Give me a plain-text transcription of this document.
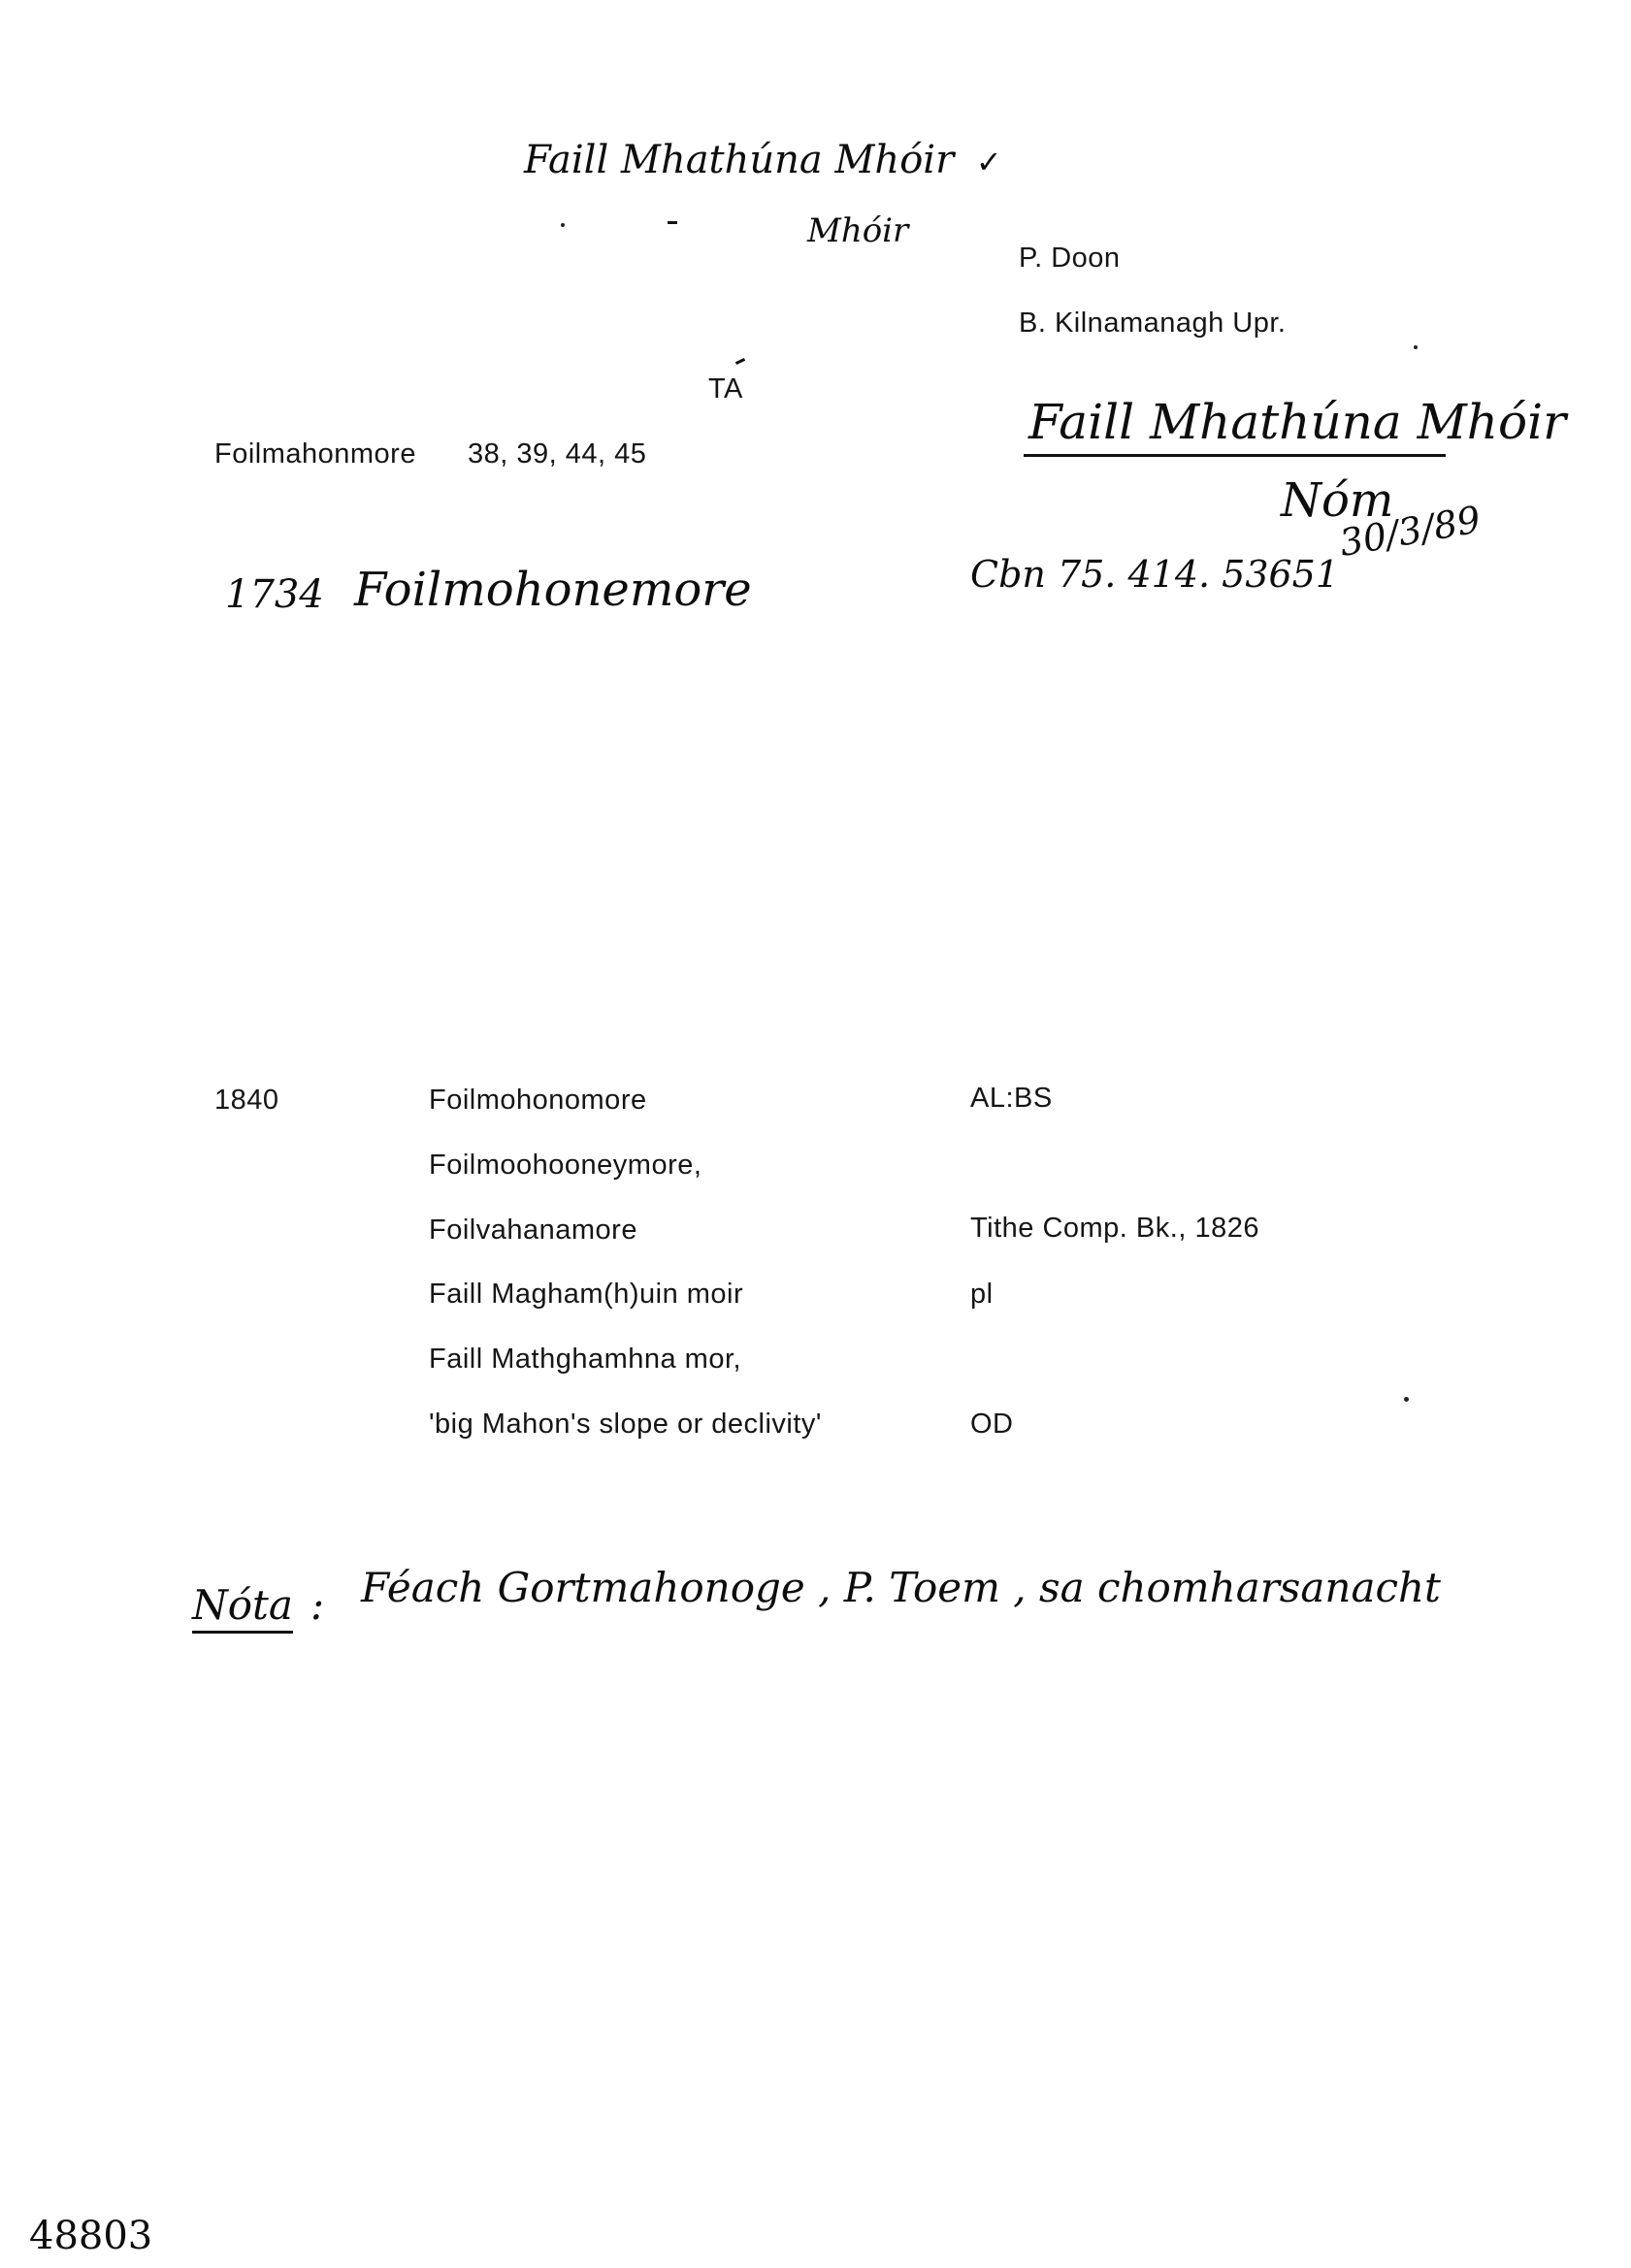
Faill Mhathúna Mhóir ✓
Mhóir
P. Doon
B. Kilnamanagh Upr.
TA
Foilmahonmore 38, 39, 44, 45
Faill Mhathúna Mhóir
Nóm
30/3/89
Cbn 75. 414. 53651
1734 Foilmohonemore
1840	Foilmohonomore	AL:BS
Foilmoohooneymore,
Foilvahanamore	Tithe Comp. Bk., 1826
Faill Magham(h)uin moir	pl
Faill Mathghamhna mor,
'big Mahon's slope or declivity'	OD
Nóta : Féach Gortmahonoge , P. Toem , sa chomharsanacht
48803
